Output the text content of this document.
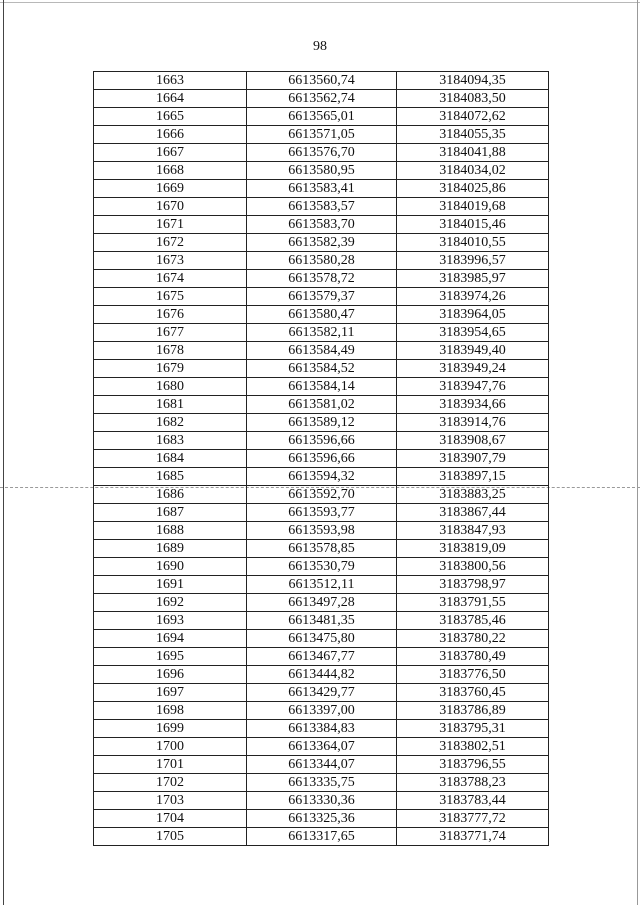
98
1663	6613560,74	3184094,35
1664	6613562,74	3184083,50
1665	6613565,01	3184072,62
1666	6613571,05	3184055,35
1667	6613576,70	3184041,88
1668	6613580,95	3184034,02
1669	6613583,41	3184025,86
1670	6613583,57	3184019,68
1671	6613583,70	3184015,46
1672	6613582,39	3184010,55
1673	6613580,28	3183996,57
1674	6613578,72	3183985,97
1675	6613579,37	3183974,26
1676	6613580,47	3183964,05
1677	6613582,11	3183954,65
1678	6613584,49	3183949,40
1679	6613584,52	3183949,24
1680	6613584,14	3183947,76
1681	6613581,02	3183934,66
1682	6613589,12	3183914,76
1683	6613596,66	3183908,67
1684	6613596,66	3183907,79
1685	6613594,32	3183897,15
1686	6613592,70	3183883,25
1687	6613593,77	3183867,44
1688	6613593,98	3183847,93
1689	6613578,85	3183819,09
1690	6613530,79	3183800,56
1691	6613512,11	3183798,97
1692	6613497,28	3183791,55
1693	6613481,35	3183785,46
1694	6613475,80	3183780,22
1695	6613467,77	3183780,49
1696	6613444,82	3183776,50
1697	6613429,77	3183760,45
1698	6613397,00	3183786,89
1699	6613384,83	3183795,31
1700	6613364,07	3183802,51
1701	6613344,07	3183796,55
1702	6613335,75	3183788,23
1703	6613330,36	3183783,44
1704	6613325,36	3183777,72
1705	6613317,65	3183771,74
